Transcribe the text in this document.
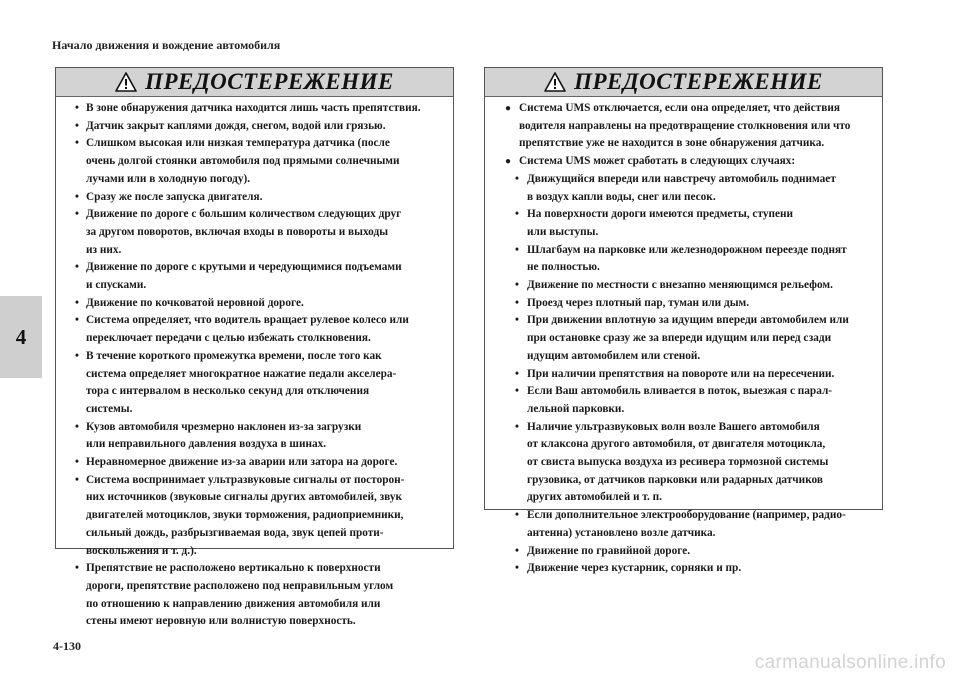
Начало движения и вождение автомобиля
4
ПРЕДОСТЕРЕЖЕНИЕ
• В зоне обнаружения датчика находится лишь часть препятствия.
• Датчик закрыт каплями дождя, снегом, водой или грязью.
• Слишком высокая или низкая температура датчика (после
очень долгой стоянки автомобиля под прямыми солнечными
лучами или в холодную погоду).
• Сразу же после запуска двигателя.
• Движение по дороге с большим количеством следующих друг
за другом поворотов, включая входы в повороты и выходы
из них.
• Движение по дороге с крутыми и чередующимися подъемами
и спусками.
• Движение по кочковатой неровной дороге.
• Система определяет, что водитель вращает рулевое колесо или
переключает передачи с целью избежать столкновения.
• В течение короткого промежутка времени, после того как
система определяет многократное нажатие педали акселера-
тора с интервалом в несколько секунд для отключения
системы.
• Кузов автомобиля чрезмерно наклонен из-за загрузки
или неправильного давления воздуха в шинах.
• Неравномерное движение из-за аварии или затора на дороге.
• Система воспринимает ультразвуковые сигналы от посторон-
них источников (звуковые сигналы других автомобилей, звук
двигателей мотоциклов, звуки торможения, радиоприемники,
сильный дождь, разбрызгиваемая вода, звук цепей проти-
воскольжения и т. д.).
• Препятствие не расположено вертикально к поверхности
дороги, препятствие расположено под неправильным углом
по отношению к направлению движения автомобиля или
стены имеют неровную или волнистую поверхность.
ПРЕДОСТЕРЕЖЕНИЕ
● Система UMS отключается, если она определяет, что действия
водителя направлены на предотвращение столкновения или что
препятствие уже не находится в зоне обнаружения датчика.
● Система UMS может сработать в следующих случаях:
• Движущийся впереди или навстречу автомобиль поднимает
в воздух капли воды, снег или песок.
• На поверхности дороги имеются предметы, ступени
или выступы.
• Шлагбаум на парковке или железнодорожном переезде поднят
не полностью.
• Движение по местности с внезапно меняющимся рельефом.
• Проезд через плотный пар, туман или дым.
• При движении вплотную за идущим впереди автомобилем или
при остановке сразу же за впереди идущим или перед сзади
идущим автомобилем или стеной.
• При наличии препятствия на повороте или на пересечении.
• Если Ваш автомобиль вливается в поток, выезжая с парал-
лельной парковки.
• Наличие ультразвуковых волн возле Вашего автомобиля
от клаксона другого автомобиля, от двигателя мотоцикла,
от свиста выпуска воздуха из ресивера тормозной системы
грузовика, от датчиков парковки или радарных датчиков
других автомобилей и т. п.
• Если дополнительное электрооборудование (например, радио-
антенна) установлено возле датчика.
• Движение по гравийной дороге.
• Движение через кустарник, сорняки и пр.
4-130
carmanualsonline.info
